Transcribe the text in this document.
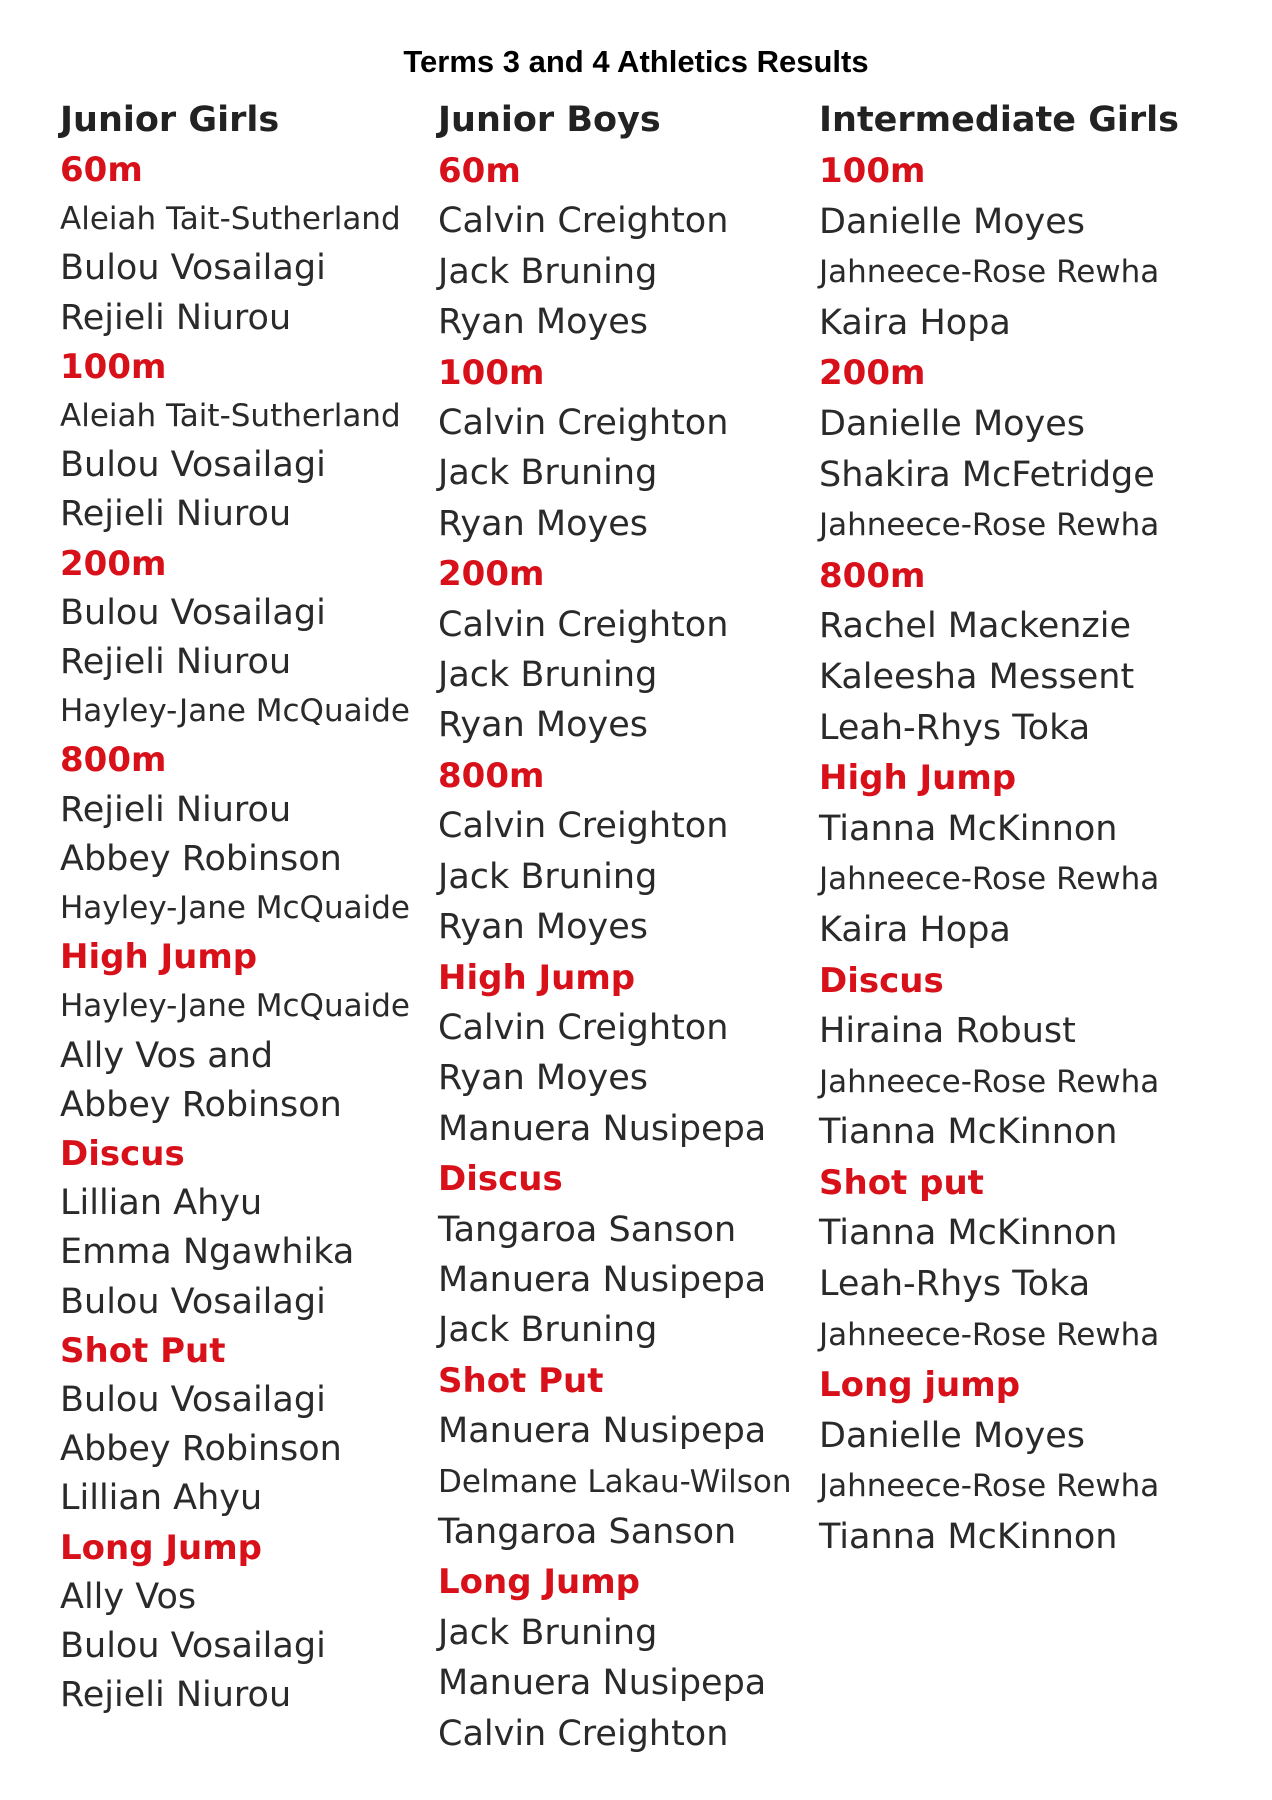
Terms 3 and 4 Athletics Results
Junior Girls
60m
Aleiah Tait-Sutherland
Bulou Vosailagi
Rejieli Niurou
100m
Aleiah Tait-Sutherland
Bulou Vosailagi
Rejieli Niurou
200m
Bulou Vosailagi
Rejieli Niurou
Hayley-Jane McQuaide
800m
Rejieli Niurou
Abbey Robinson
Hayley-Jane McQuaide
High Jump
Hayley-Jane McQuaide
Ally Vos and
Abbey Robinson
Discus
Lillian Ahyu
Emma Ngawhika
Bulou Vosailagi
Shot Put
Bulou Vosailagi
Abbey Robinson
Lillian Ahyu
Long Jump
Ally Vos
Bulou Vosailagi
Rejieli Niurou
Junior Boys
60m
Calvin Creighton
Jack Bruning
Ryan Moyes
100m
Calvin Creighton
Jack Bruning
Ryan Moyes
200m
Calvin Creighton
Jack Bruning
Ryan Moyes
800m
Calvin Creighton
Jack Bruning
Ryan Moyes
High Jump
Calvin Creighton
Ryan Moyes
Manuera Nusipepa
Discus
Tangaroa Sanson
Manuera Nusipepa
Jack Bruning
Shot Put
Manuera Nusipepa
Delmane Lakau-Wilson
Tangaroa Sanson
Long Jump
Jack Bruning
Manuera Nusipepa
Calvin Creighton
Intermediate Girls
100m
Danielle Moyes
Jahneece-Rose Rewha
Kaira Hopa
200m
Danielle Moyes
Shakira McFetridge
Jahneece-Rose Rewha
800m
Rachel Mackenzie
Kaleesha Messent
Leah-Rhys Toka
High Jump
Tianna McKinnon
Jahneece-Rose Rewha
Kaira Hopa
Discus
Hiraina Robust
Jahneece-Rose Rewha
Tianna McKinnon
Shot put
Tianna McKinnon
Leah-Rhys Toka
Jahneece-Rose Rewha
Long jump
Danielle Moyes
Jahneece-Rose Rewha
Tianna McKinnon
